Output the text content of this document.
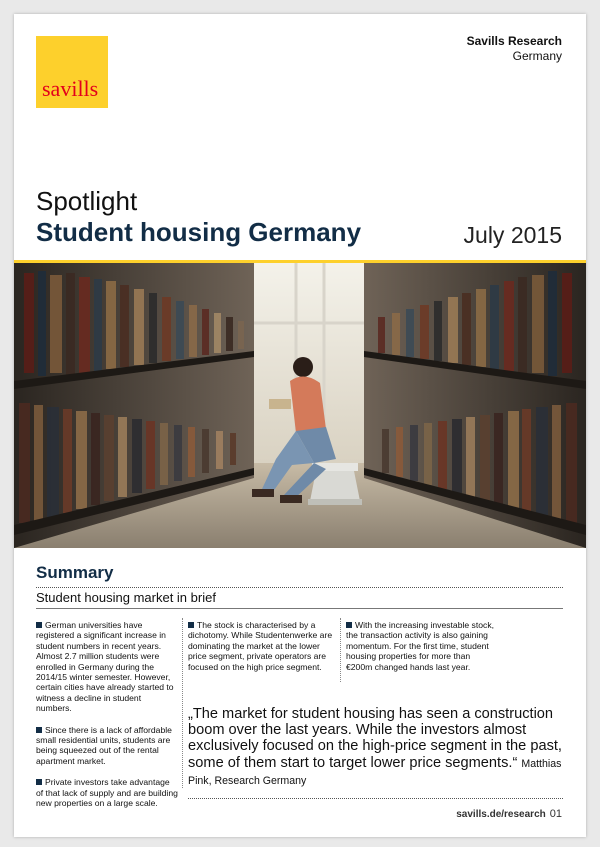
savills
Savills Research
Germany
Spotlight
Student housing Germany	July 2015
Summary
Student housing market in brief

German universities have registered a significant increase in student numbers in recent years. Almost 2.7 million students were enrolled in Germany during the 2014/15 winter semester. However, certain cities have already started to witness a decline in student numbers.

Since there is a lack of affordable small residential units, students are being squeezed out of the rental apartment market.

Private investors take advantage of that lack of supply and are building new properties on a large scale.

The stock is characterised by a dichotomy. While Studentenwerke are dominating the market at the lower price segment, private operators are focused on the high price segment.

With the increasing investable stock, the transaction activity is also gaining momentum. For the first time, student housing properties for more than €200m changed hands last year.

„The market for student housing has seen a construction boom over the last years. While the investors almost exclusively focused on the high-price segment in the past, some of them start to target lower price segments.“ Matthias Pink, Research Germany
savills.de/research 01
